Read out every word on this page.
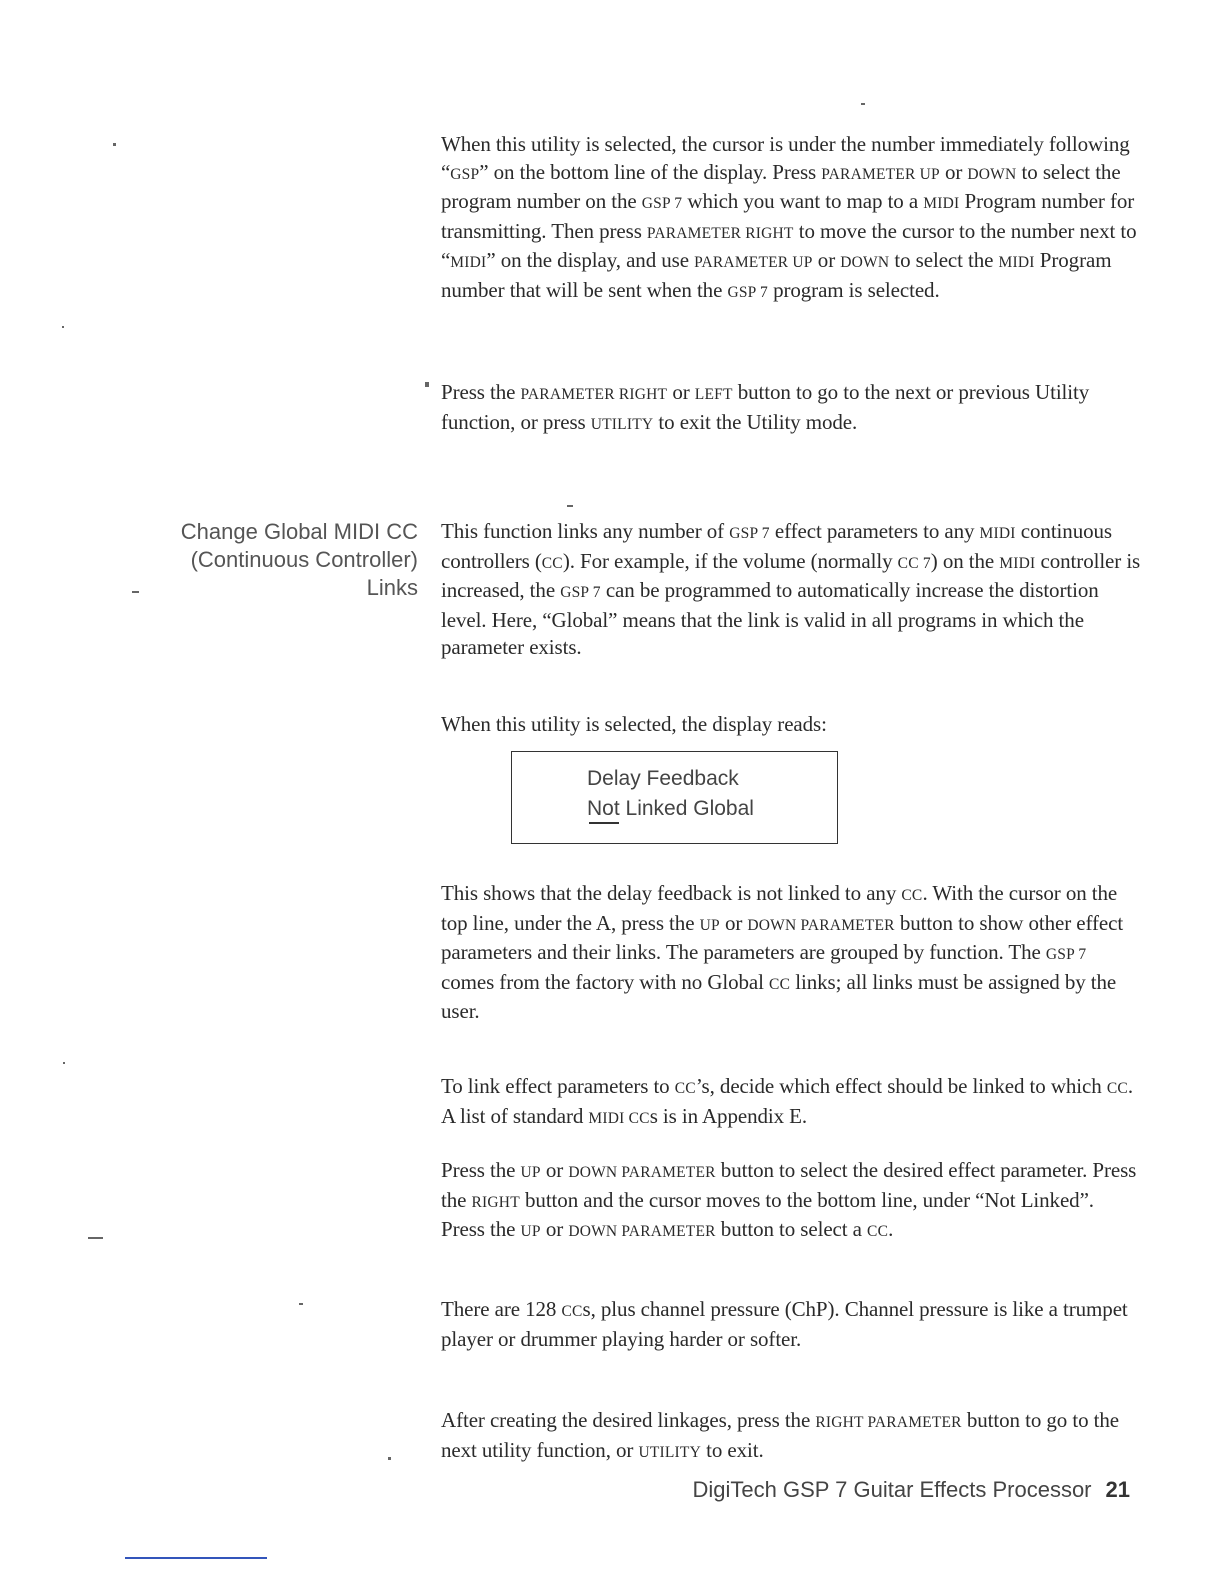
When this utility is selected, the cursor is under the number immediately following “GSP” on the bottom line of the display. Press PARAMETER UP or DOWN to select the program number on the GSP 7 which you want to map to a MIDI Program number for transmitting. Then press PARAMETER RIGHT to move the cursor to the number next to “MIDI” on the display, and use PARAMETER UP or DOWN to select the MIDI Program number that will be sent when the GSP 7 program is selected.

Press the PARAMETER RIGHT or LEFT button to go to the next or previous Utility function, or press UTILITY to exit the Utility mode.

Change Global MIDI CC
(Continuous Controller)
Links

This function links any number of GSP 7 effect parameters to any MIDI continuous controllers (CC). For example, if the volume (normally CC 7) on the MIDI controller is increased, the GSP 7 can be programmed to automatically increase the distortion level. Here, “Global” means that the link is valid in all programs in which the parameter exists.

When this utility is selected, the display reads:

Delay Feedback
Not Linked Global

This shows that the delay feedback is not linked to any CC. With the cursor on the top line, under the A, press the UP or DOWN PARAMETER button to show other effect parameters and their links. The parameters are grouped by function. The GSP 7 comes from the factory with no Global CC links; all links must be assigned by the user.

To link effect parameters to CC’s, decide which effect should be linked to which CC. A list of standard MIDI CCs is in Appendix E.

Press the UP or DOWN PARAMETER button to select the desired effect parameter. Press the RIGHT button and the cursor moves to the bottom line, under “Not Linked”. Press the UP or DOWN PARAMETER button to select a CC.

There are 128 CCs, plus channel pressure (ChP). Channel pressure is like a trumpet player or drummer playing harder or softer.

After creating the desired linkages, press the RIGHT PARAMETER button to go to the next utility function, or UTILITY to exit.

DigiTech GSP 7 Guitar Effects Processor 21
